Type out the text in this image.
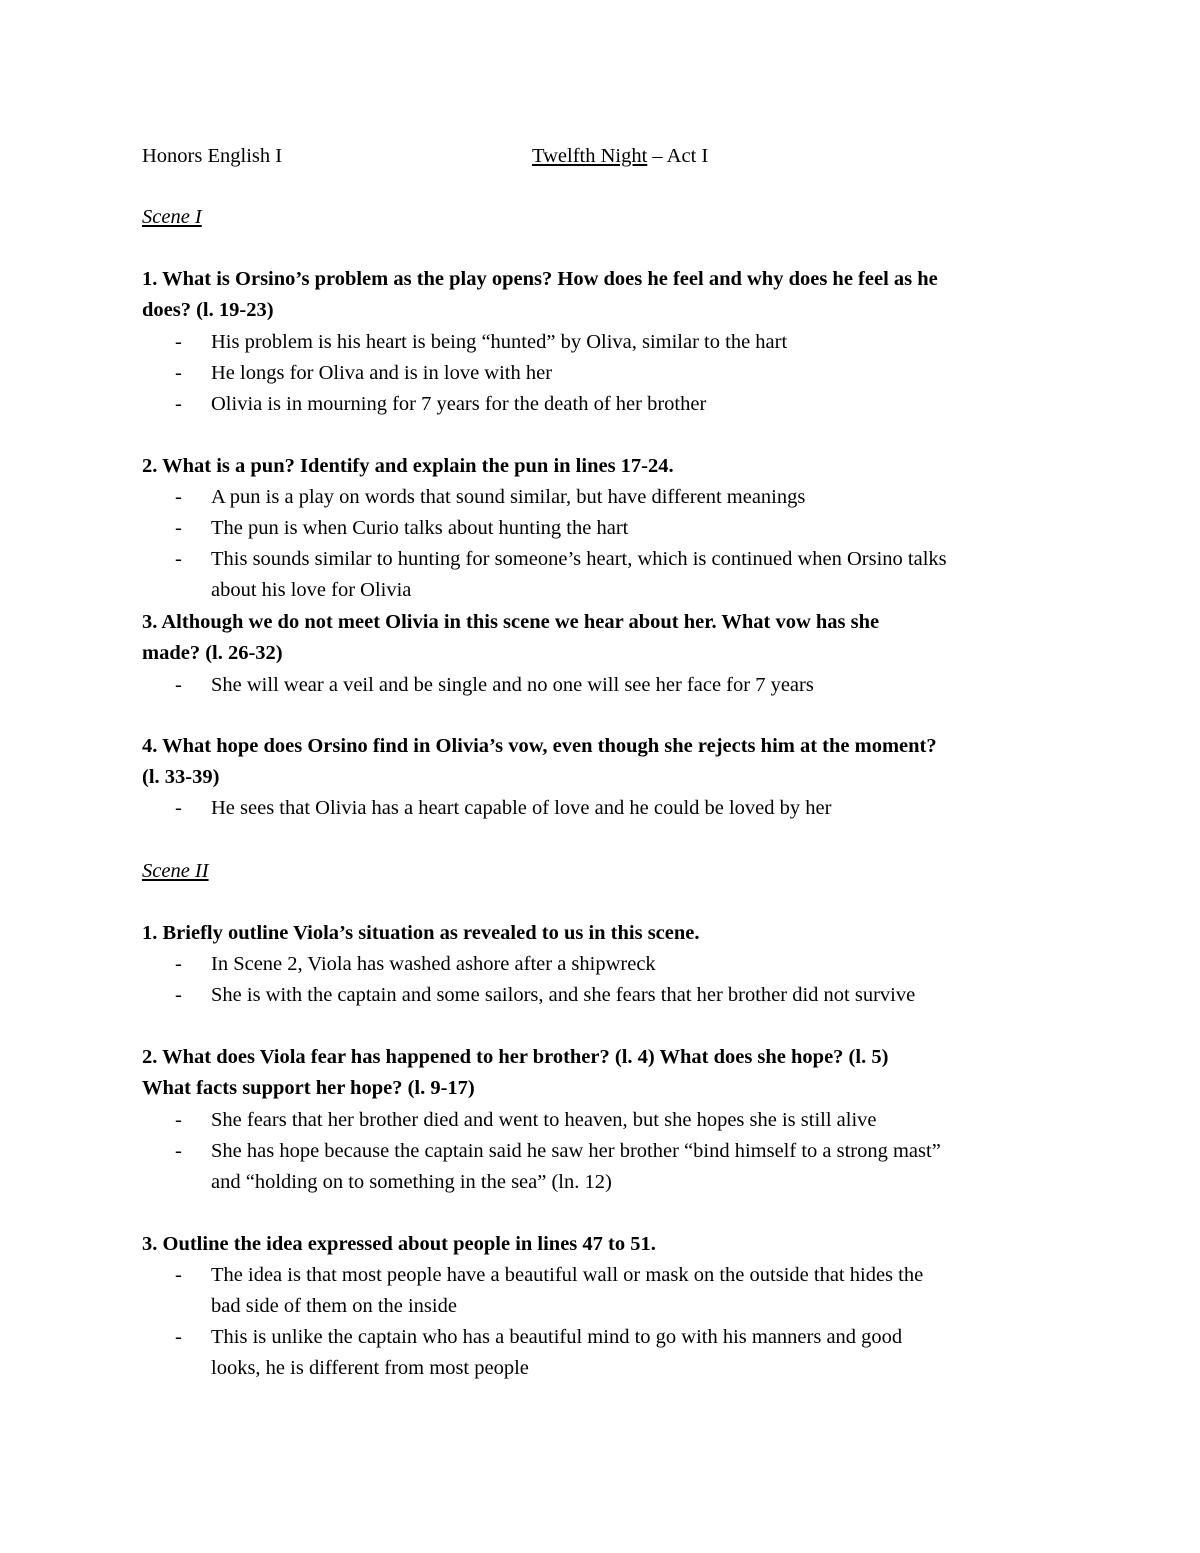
Honors English I	Twelfth Night – Act I
Scene I
1. What is Orsino’s problem as the play opens? How does he feel and why does he feel as he
does? (l. 19-23)
- His problem is his heart is being “hunted” by Oliva, similar to the hart
- He longs for Oliva and is in love with her
- Olivia is in mourning for 7 years for the death of her brother
2. What is a pun? Identify and explain the pun in lines 17-24.
- A pun is a play on words that sound similar, but have different meanings
- The pun is when Curio talks about hunting the hart
- This sounds similar to hunting for someone’s heart, which is continued when Orsino talks
about his love for Olivia
3. Although we do not meet Olivia in this scene we hear about her. What vow has she
made? (l. 26-32)
- She will wear a veil and be single and no one will see her face for 7 years
4. What hope does Orsino find in Olivia’s vow, even though she rejects him at the moment?
(l. 33-39)
- He sees that Olivia has a heart capable of love and he could be loved by her
Scene II
1. Briefly outline Viola’s situation as revealed to us in this scene.
- In Scene 2, Viola has washed ashore after a shipwreck
- She is with the captain and some sailors, and she fears that her brother did not survive
2. What does Viola fear has happened to her brother? (l. 4) What does she hope? (l. 5)
What facts support her hope? (l. 9-17)
- She fears that her brother died and went to heaven, but she hopes she is still alive
- She has hope because the captain said he saw her brother “bind himself to a strong mast”
and “holding on to something in the sea” (ln. 12)
3. Outline the idea expressed about people in lines 47 to 51.
- The idea is that most people have a beautiful wall or mask on the outside that hides the
bad side of them on the inside
- This is unlike the captain who has a beautiful mind to go with his manners and good
looks, he is different from most people
